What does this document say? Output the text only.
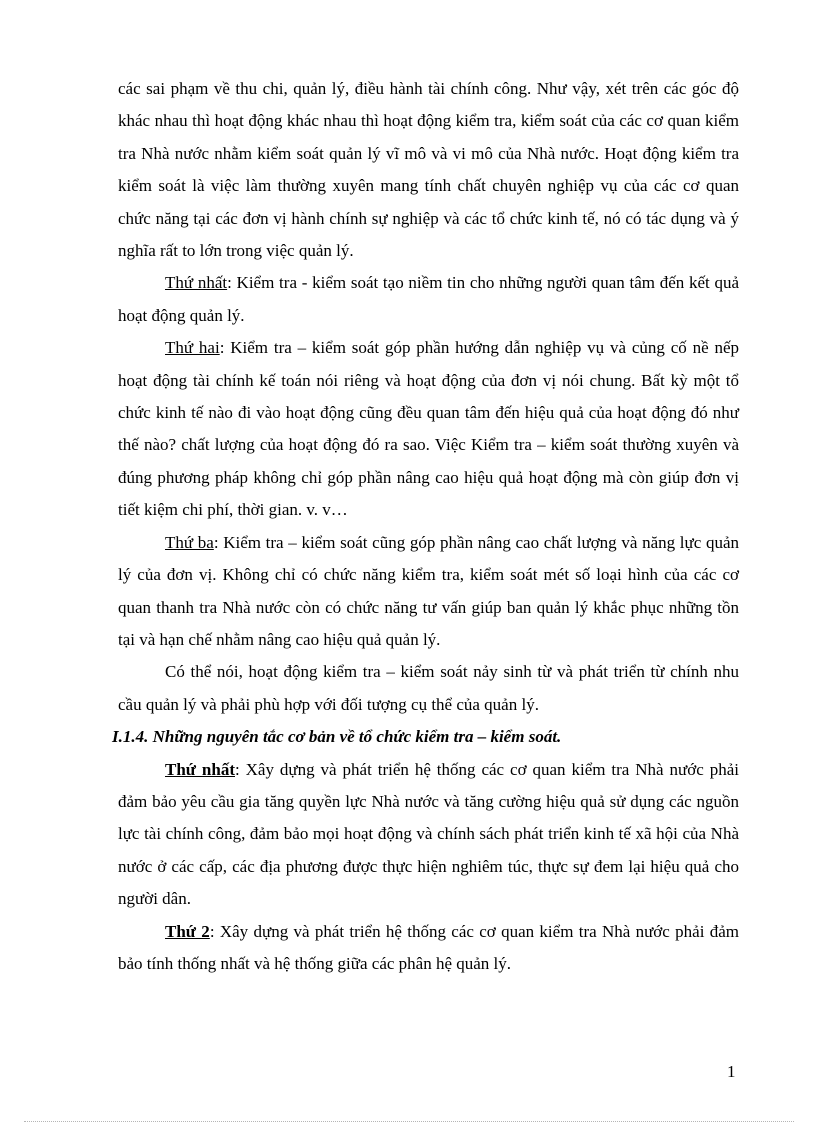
các sai phạm về thu chi, quản lý, điều hành tài chính công. Như vậy, xét trên các góc độ khác nhau thì hoạt động khác nhau thì hoạt động kiểm tra, kiểm soát của các cơ quan kiểm tra Nhà nước nhằm kiểm soát quản lý vĩ mô và vi mô của Nhà nước. Hoạt động kiểm tra kiểm soát là việc làm thường xuyên mang tính chất chuyên nghiệp vụ của các cơ quan chức năng tại các đơn vị hành chính sự nghiệp và các tổ chức kinh tế, nó có tác dụng và ý nghĩa rất to lớn trong việc quản lý.

Thứ nhất: Kiểm tra - kiểm soát tạo niềm tin cho những người quan tâm đến kết quả hoạt động quản lý.

Thứ hai: Kiểm tra – kiểm soát góp phần hướng dẫn nghiệp vụ và củng cố nề nếp hoạt động tài chính kế toán nói riêng và hoạt động của đơn vị nói chung. Bất kỳ một tổ chức kinh tế nào đi vào hoạt động cũng đều quan tâm đến hiệu quả của hoạt động đó như thế nào? chất lượng của hoạt động đó ra sao. Việc Kiểm tra – kiểm soát thường xuyên và đúng phương pháp không chỉ góp phần nâng cao hiệu quả hoạt động mà còn giúp đơn vị tiết kiệm chi phí, thời gian. v. v…

Thứ ba: Kiểm tra – kiểm soát cũng góp phần nâng cao chất lượng và năng lực quản lý của đơn vị. Không chỉ có chức năng kiểm tra, kiểm soát mét số loại hình của các cơ quan thanh tra Nhà nước còn có chức năng tư vấn giúp ban quản lý khắc phục những tồn tại và hạn chế nhằm nâng cao hiệu quả quản lý.

Có thể nói, hoạt động kiểm tra – kiểm soát nảy sinh từ và phát triển từ chính nhu cầu quản lý và phải phù hợp với đối tượng cụ thể của quản lý.

I.1.4. Những nguyên tắc cơ bản về tổ chức kiểm tra – kiểm soát.

Thứ nhất: Xây dựng và phát triển hệ thống các cơ quan kiểm tra Nhà nước phải đảm bảo yêu cầu gia tăng quyền lực Nhà nước và tăng cường hiệu quả sử dụng các nguồn lực tài chính công, đảm bảo mọi hoạt động và chính sách phát triển kinh tế xã hội của Nhà nước ở các cấp, các địa phương được thực hiện nghiêm túc, thực sự đem lại hiệu quả cho người dân.

Thứ 2: Xây dựng và phát triển hệ thống các cơ quan kiểm tra Nhà nước phải đảm bảo tính thống nhất và hệ thống giữa các phân hệ quản lý.

1
